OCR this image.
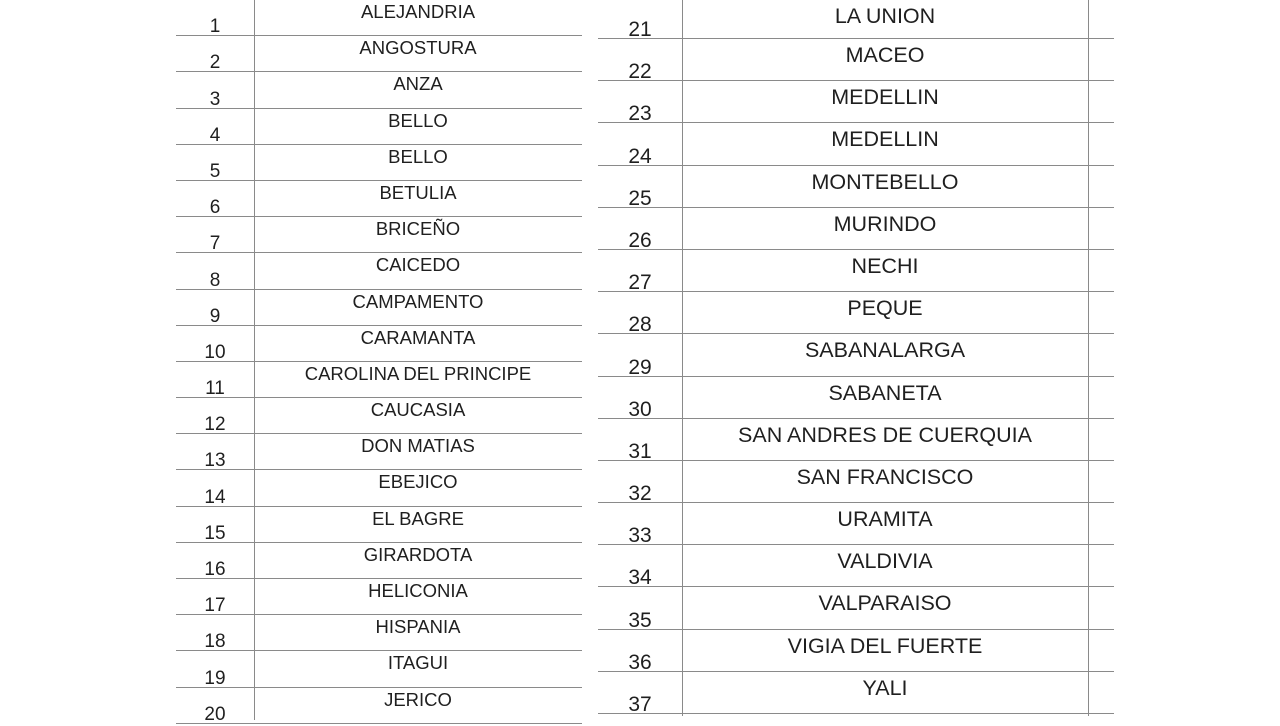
1
ALEJANDRIA
2
ANGOSTURA
3
ANZA
4
BELLO
5
BELLO
6
BETULIA
7
BRICEÑO
8
CAICEDO
9
CAMPAMENTO
10
CARAMANTA
11
CAROLINA DEL PRINCIPE
12
CAUCASIA
13
DON MATIAS
14
EBEJICO
15
EL BAGRE
16
GIRARDOTA
17
HELICONIA
18
HISPANIA
19
ITAGUI
20
JERICO
21
LA UNION
22
MACEO
23
MEDELLIN
24
MEDELLIN
25
MONTEBELLO
26
MURINDO
27
NECHI
28
PEQUE
29
SABANALARGA
30
SABANETA
31
SAN ANDRES DE CUERQUIA
32
SAN FRANCISCO
33
URAMITA
34
VALDIVIA
35
VALPARAISO
36
VIGIA DEL FUERTE
37
YALI
